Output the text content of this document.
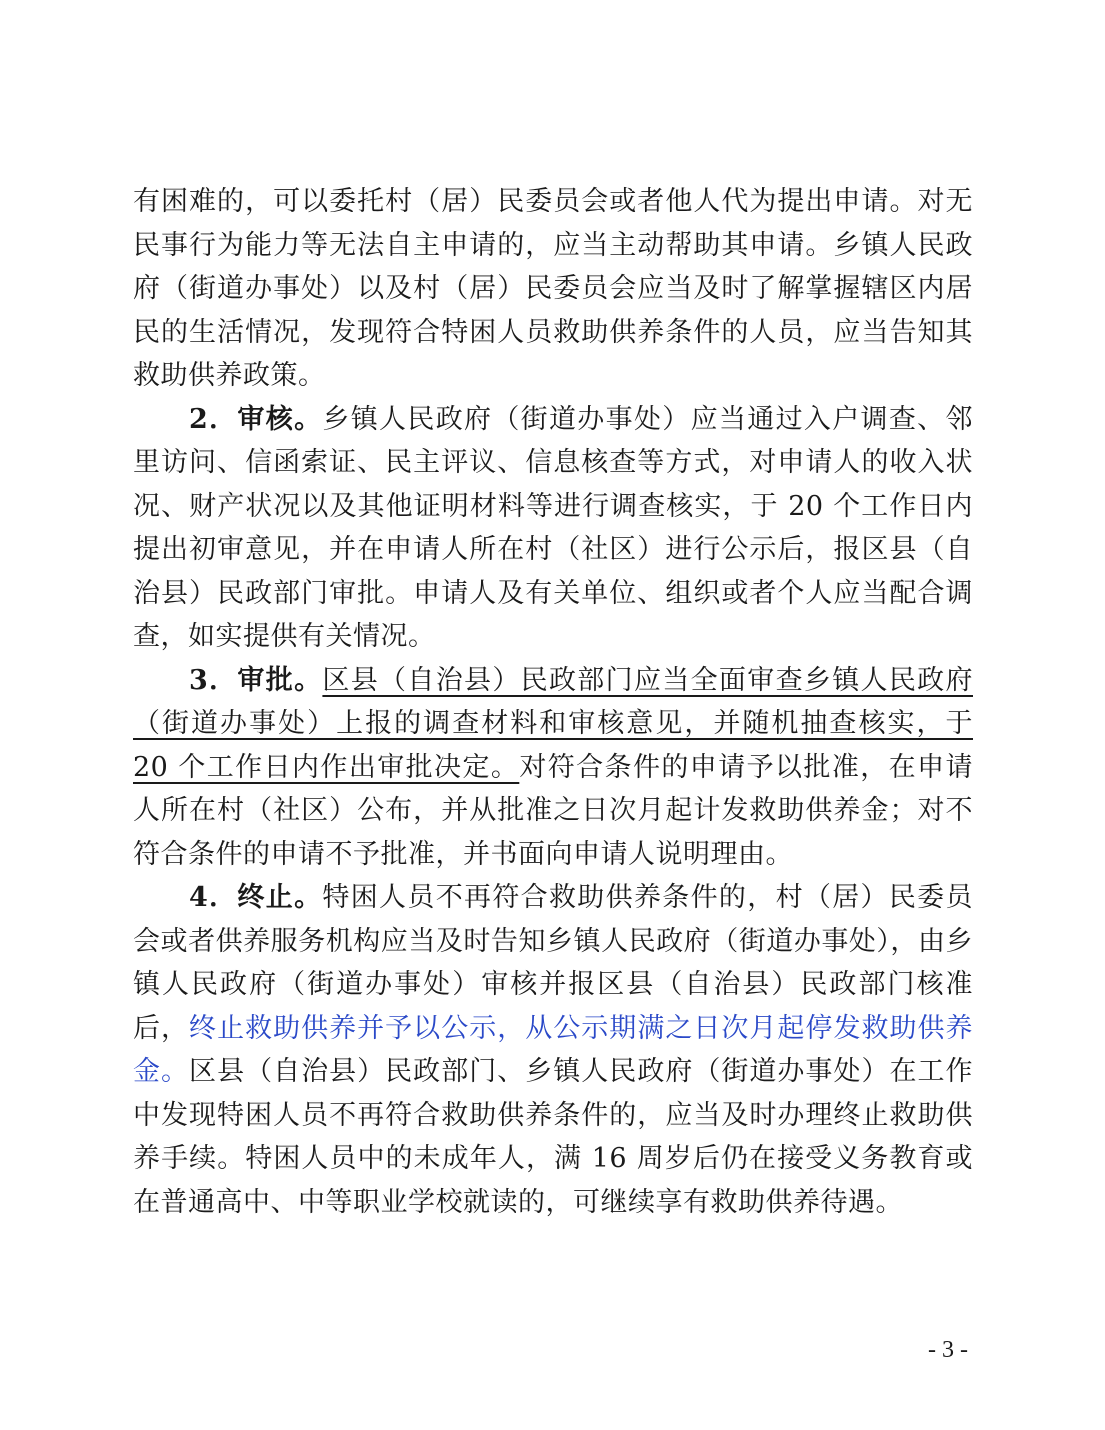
有困难的，可以委托村（居）民委员会或者他人代为提出申请。对无民事行为能力等无法自主申请的，应当主动帮助其申请。乡镇人民政府（街道办事处）以及村（居）民委员会应当及时了解掌握辖区内居民的生活情况，发现符合特困人员救助供养条件的人员，应当告知其救助供养政策。

2．审核。乡镇人民政府（街道办事处）应当通过入户调查、邻里访问、信函索证、民主评议、信息核查等方式，对申请人的收入状况、财产状况以及其他证明材料等进行调查核实，于 20 个工作日内提出初审意见，并在申请人所在村（社区）进行公示后，报区县（自治县）民政部门审批。申请人及有关单位、组织或者个人应当配合调查，如实提供有关情况。

3．审批。区县（自治县）民政部门应当全面审查乡镇人民政府（街道办事处）上报的调查材料和审核意见，并随机抽查核实，于 20 个工作日内作出审批决定。对符合条件的申请予以批准，在申请人所在村（社区）公布，并从批准之日次月起计发救助供养金；对不符合条件的申请不予批准，并书面向申请人说明理由。

4．终止。特困人员不再符合救助供养条件的，村（居）民委员会或者供养服务机构应当及时告知乡镇人民政府（街道办事处），由乡镇人民政府（街道办事处）审核并报区县（自治县）民政部门核准后，终止救助供养并予以公示，从公示期满之日次月起停发救助供养金。区县（自治县）民政部门、乡镇人民政府（街道办事处）在工作中发现特困人员不再符合救助供养条件的，应当及时办理终止救助供养手续。特困人员中的未成年人，满 16 周岁后仍在接受义务教育或在普通高中、中等职业学校就读的，可继续享有救助供养待遇。

- 3 -
